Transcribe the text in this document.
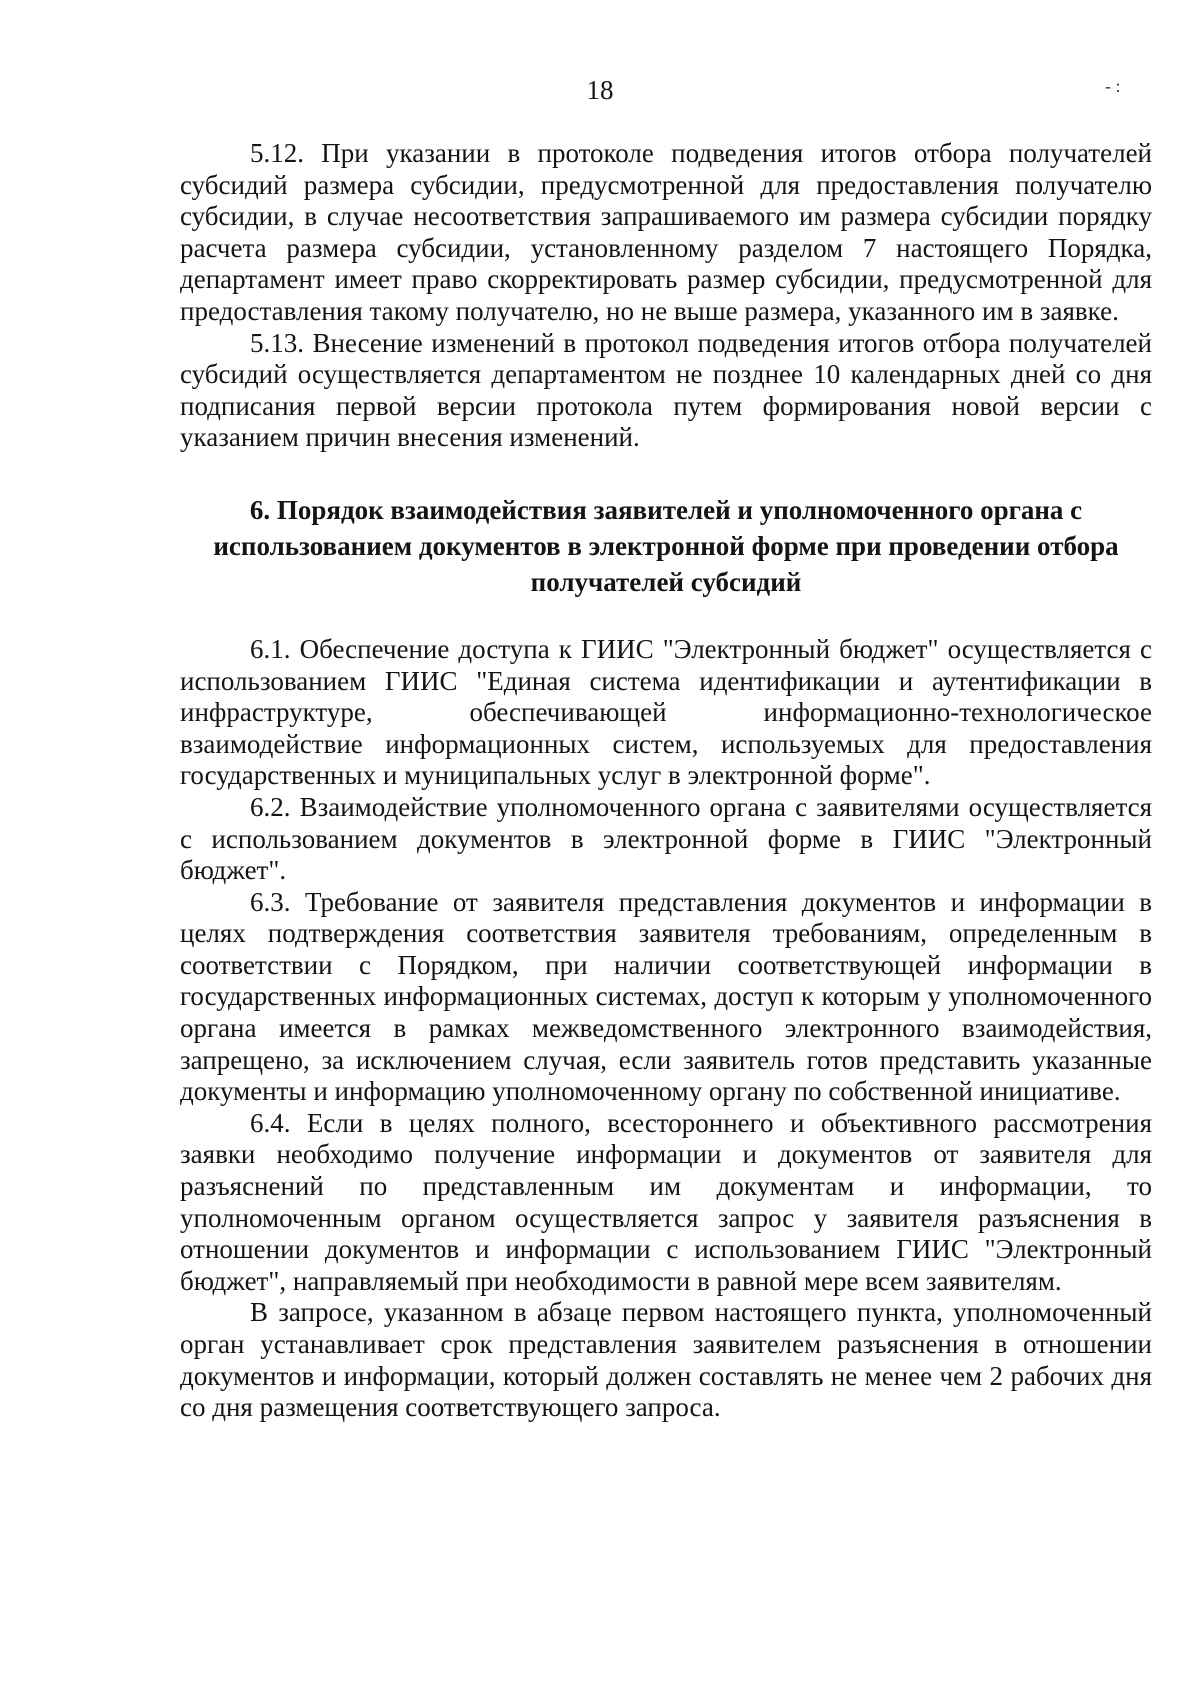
18	- :

5.12. При указании в протоколе подведения итогов отбора получателей субсидий размера субсидии, предусмотренной для предоставления получателю субсидии, в случае несоответствия запрашиваемого им размера субсидии порядку расчета размера субсидии, установленному разделом 7 настоящего Порядка, департамент имеет право скорректировать размер субсидии, предусмотренной для предоставления такому получателю, но не выше размера, указанного им в заявке.

5.13. Внесение изменений в протокол подведения итогов отбора получателей субсидий осуществляется департаментом не позднее 10 календарных дней со дня подписания первой версии протокола путем формирования новой версии с указанием причин внесения изменений.

6. Порядок взаимодействия заявителей и уполномоченного органа с использованием документов в электронной форме при проведении отбора получателей субсидий

6.1. Обеспечение доступа к ГИИС "Электронный бюджет" осуществляется с использованием ГИИС "Единая система идентификации и аутентификации в инфраструктуре, обеспечивающей информационно-технологическое взаимодействие информационных систем, используемых для предоставления государственных и муниципальных услуг в электронной форме".

6.2. Взаимодействие уполномоченного органа с заявителями осуществляется с использованием документов в электронной форме в ГИИС "Электронный бюджет".

6.3. Требование от заявителя представления документов и информации в целях подтверждения соответствия заявителя требованиям, определенным в соответствии с Порядком, при наличии соответствующей информации в государственных информационных системах, доступ к которым у уполномоченного органа имеется в рамках межведомственного электронного взаимодействия, запрещено, за исключением случая, если заявитель готов представить указанные документы и информацию уполномоченному органу по собственной инициативе.

6.4. Если в целях полного, всестороннего и объективного рассмотрения заявки необходимо получение информации и документов от заявителя для разъяснений по представленным им документам и информации, то уполномоченным органом осуществляется запрос у заявителя разъяснения в отношении документов и информации с использованием ГИИС "Электронный бюджет", направляемый при необходимости в равной мере всем заявителям.

В запросе, указанном в абзаце первом настоящего пункта, уполномоченный орган устанавливает срок представления заявителем разъяснения в отношении документов и информации, который должен составлять не менее чем 2 рабочих дня со дня размещения соответствующего запроса.
